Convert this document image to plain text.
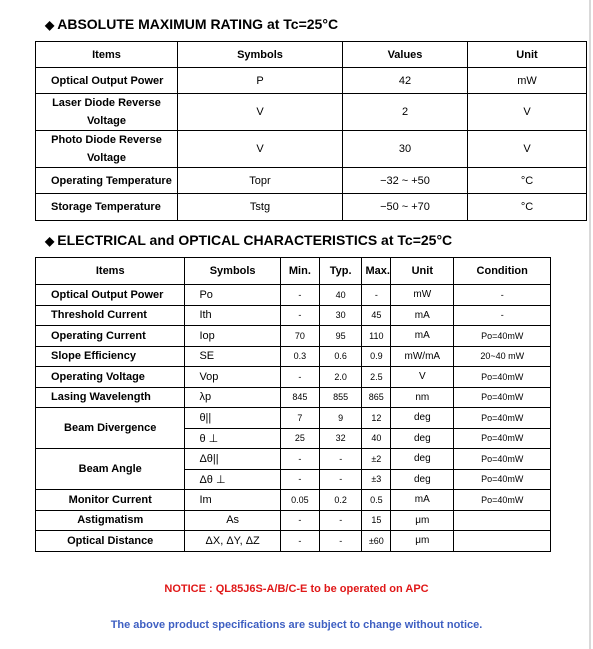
◆ ABSOLUTE MAXIMUM RATING at Tc=25°C
Items	Symbols	Values	Unit
Optical Output Power	P	42	mW

Laser Diode Reverse
Voltage	V	2	V

Photo Diode Reverse
Voltage	V	30	V
Operating Temperature	Topr	−32 ~ +50	°C
Storage Temperature	Tstg	−50 ~ +70	°C
◆ ELECTRICAL and OPTICAL CHARACTERISTICS at Tc=25°C
Items	Symbols	Min.	Typ.	Max.	Unit	Condition
Optical Output Power	Po	-	40	-	mW	-
Threshold Current	Ith	-	30	45	mA	-
Operating Current	Iop	70	95	110	mA	Po=40mW
Slope Efficiency	SE	0.3	0.6	0.9	mW/mA	20~40 mW
Operating Voltage	Vop	-	2.0	2.5	V	Po=40mW
Lasing Wavelength	λp	845	855	865	nm	Po=40mW
Beam Divergence	θ||	7	9	12	deg	Po=40mW
	θ ⊥	25	32	40	deg	Po=40mW
Beam Angle	Δθ||	-	-	±2	deg	Po=40mW
	Δθ ⊥	-	-	±3	deg	Po=40mW
Monitor Current	Im	0.05	0.2	0.5	mA	Po=40mW
Astigmatism	As	-	-	15	μm	
Optical Distance	ΔX, ΔY, ΔZ	-	-	±60	μm	
NOTICE : QL85J6S-A/B/C-E to be operated on APC
The above product specifications are subject to change without notice.
